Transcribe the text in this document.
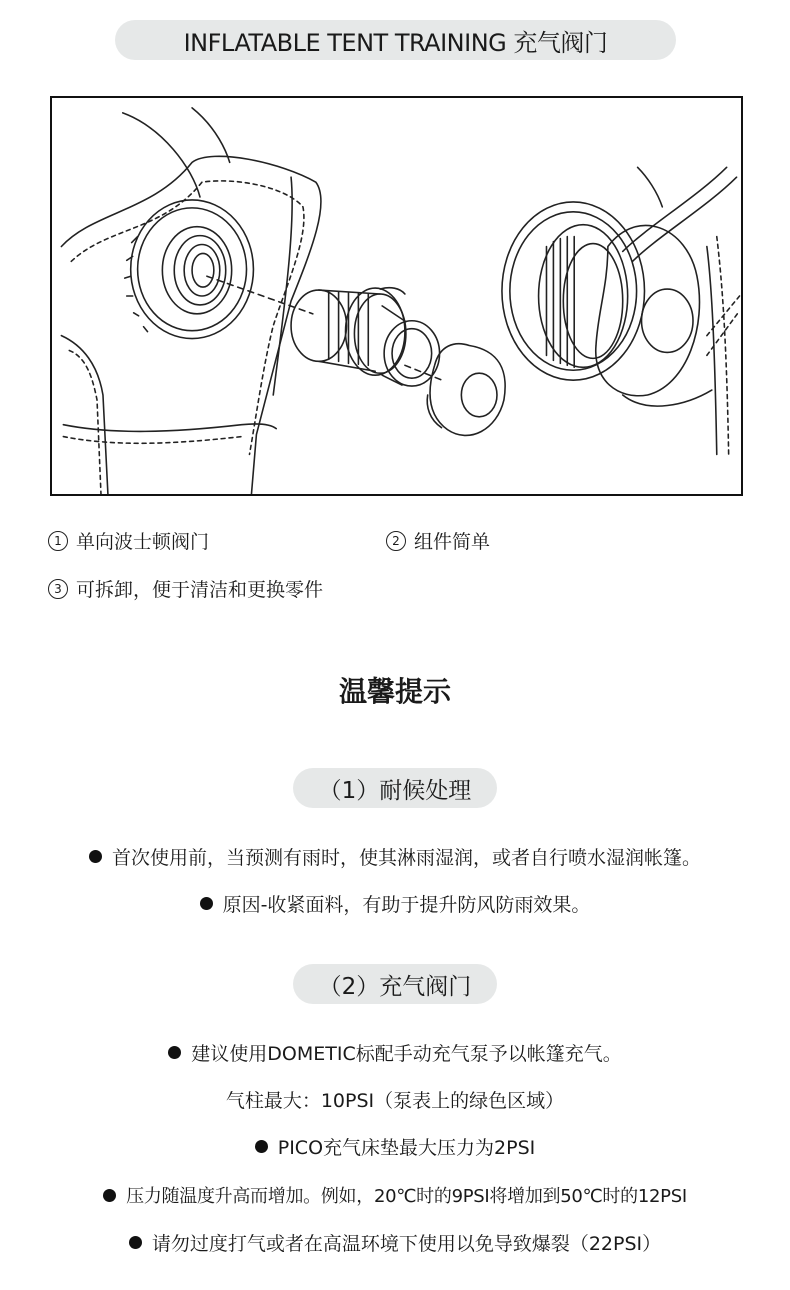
INFLATABLE TENT TRAINING 充气阀门
1 单向波士顿阀门	2 组件简单
3 可拆卸，便于清洁和更换零件
温馨提示
（1）耐候处理
首次使用前，当预测有雨时，使其淋雨湿润，或者自行喷水湿润帐篷。
原因-收紧面料，有助于提升防风防雨效果。
（2）充气阀门
建议使用DOMETIC标配手动充气泵予以帐篷充气。
气柱最大：10PSI（泵表上的绿色区域）
PICO充气床垫最大压力为2PSI
压力随温度升高而增加。例如，20℃时的9PSI将增加到50℃时的12PSI
请勿过度打气或者在高温环境下使用以免导致爆裂（22PSI）
